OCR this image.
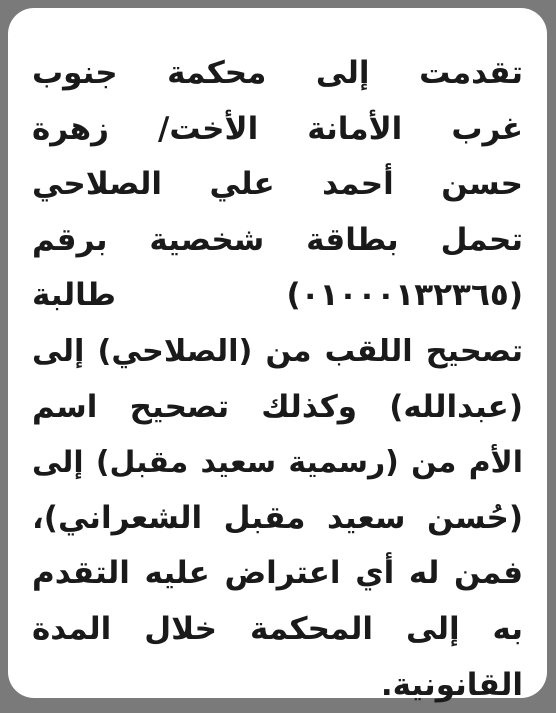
تقدمت إلى محكمة جنوب
غرب الأمانة الأخت/ زهرة
حسن أحمد علي الصلاحي
تحمل بطاقة شخصية برقم
(٠١٠٠٠١٣٢٣٦٥) طالبة
تصحيح اللقب من (الصلاحي) إلى
(عبدالله) وكذلك تصحيح اسم
الأم من (رسمية سعيد مقبل) إلى
(حُسن سعيد مقبل الشعراني)،
فمن له أي اعتراض عليه التقدم
به إلى المحكمة خلال المدة
القانونية.
